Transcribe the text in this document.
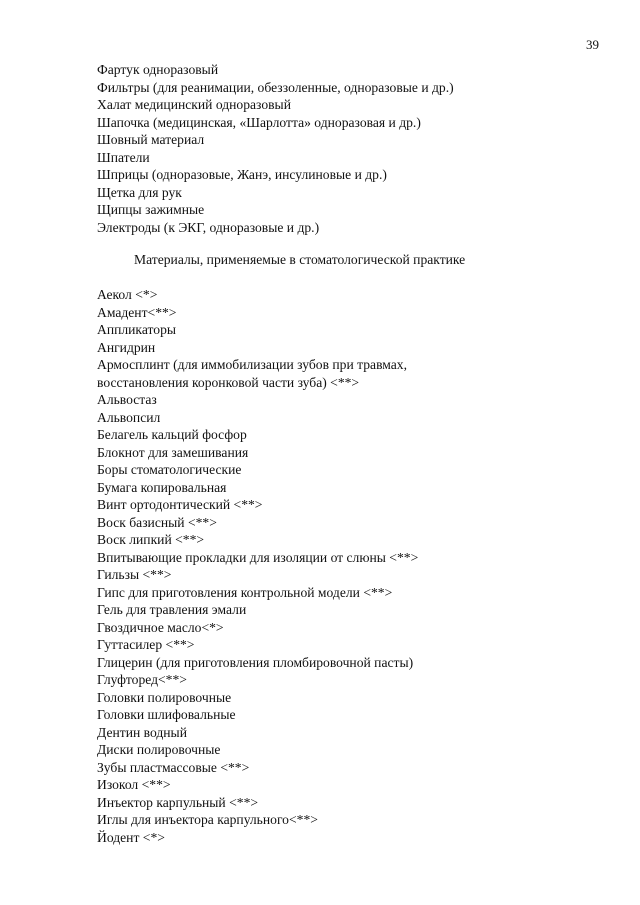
39
Фартук одноразовый
Фильтры (для реанимации, обеззоленные, одноразовые и др.)
Халат медицинский одноразовый
Шапочка (медицинская, «Шарлотта» одноразовая и др.)
Шовный материал
Шпатели
Шприцы (одноразовые, Жанэ, инсулиновые и др.)
Щетка для рук
Щипцы зажимные
Электроды (к ЭКГ, одноразовые и др.)
Материалы, применяемые в стоматологической практике
Аекол <*>
Амадент<**>
Аппликаторы
Ангидрин
Армосплинт (для иммобилизации зубов при травмах, восстановления коронковой части зуба) <**>
Альвостаз
Альвопсил
Белагель кальций фосфор
Блокнот для замешивания
Боры стоматологические
Бумага копировальная
Винт ортодонтический <**>
Воск базисный <**>
Воск липкий <**>
Впитывающие прокладки для изоляции от слюны <**>
Гильзы <**>
Гипс для приготовления контрольной модели <**>
Гель для травления эмали
Гвоздичное масло<*>
Гуттасилер <**>
Глицерин (для приготовления пломбировочной пасты)
Глуфторед<**>
Головки полировочные
Головки шлифовальные
Дентин водный
Диски полировочные
Зубы пластмассовые <**>
Изокол <**>
Инъектор карпульный <**>
Иглы для инъектора карпульного<**>
Йодент <*>
